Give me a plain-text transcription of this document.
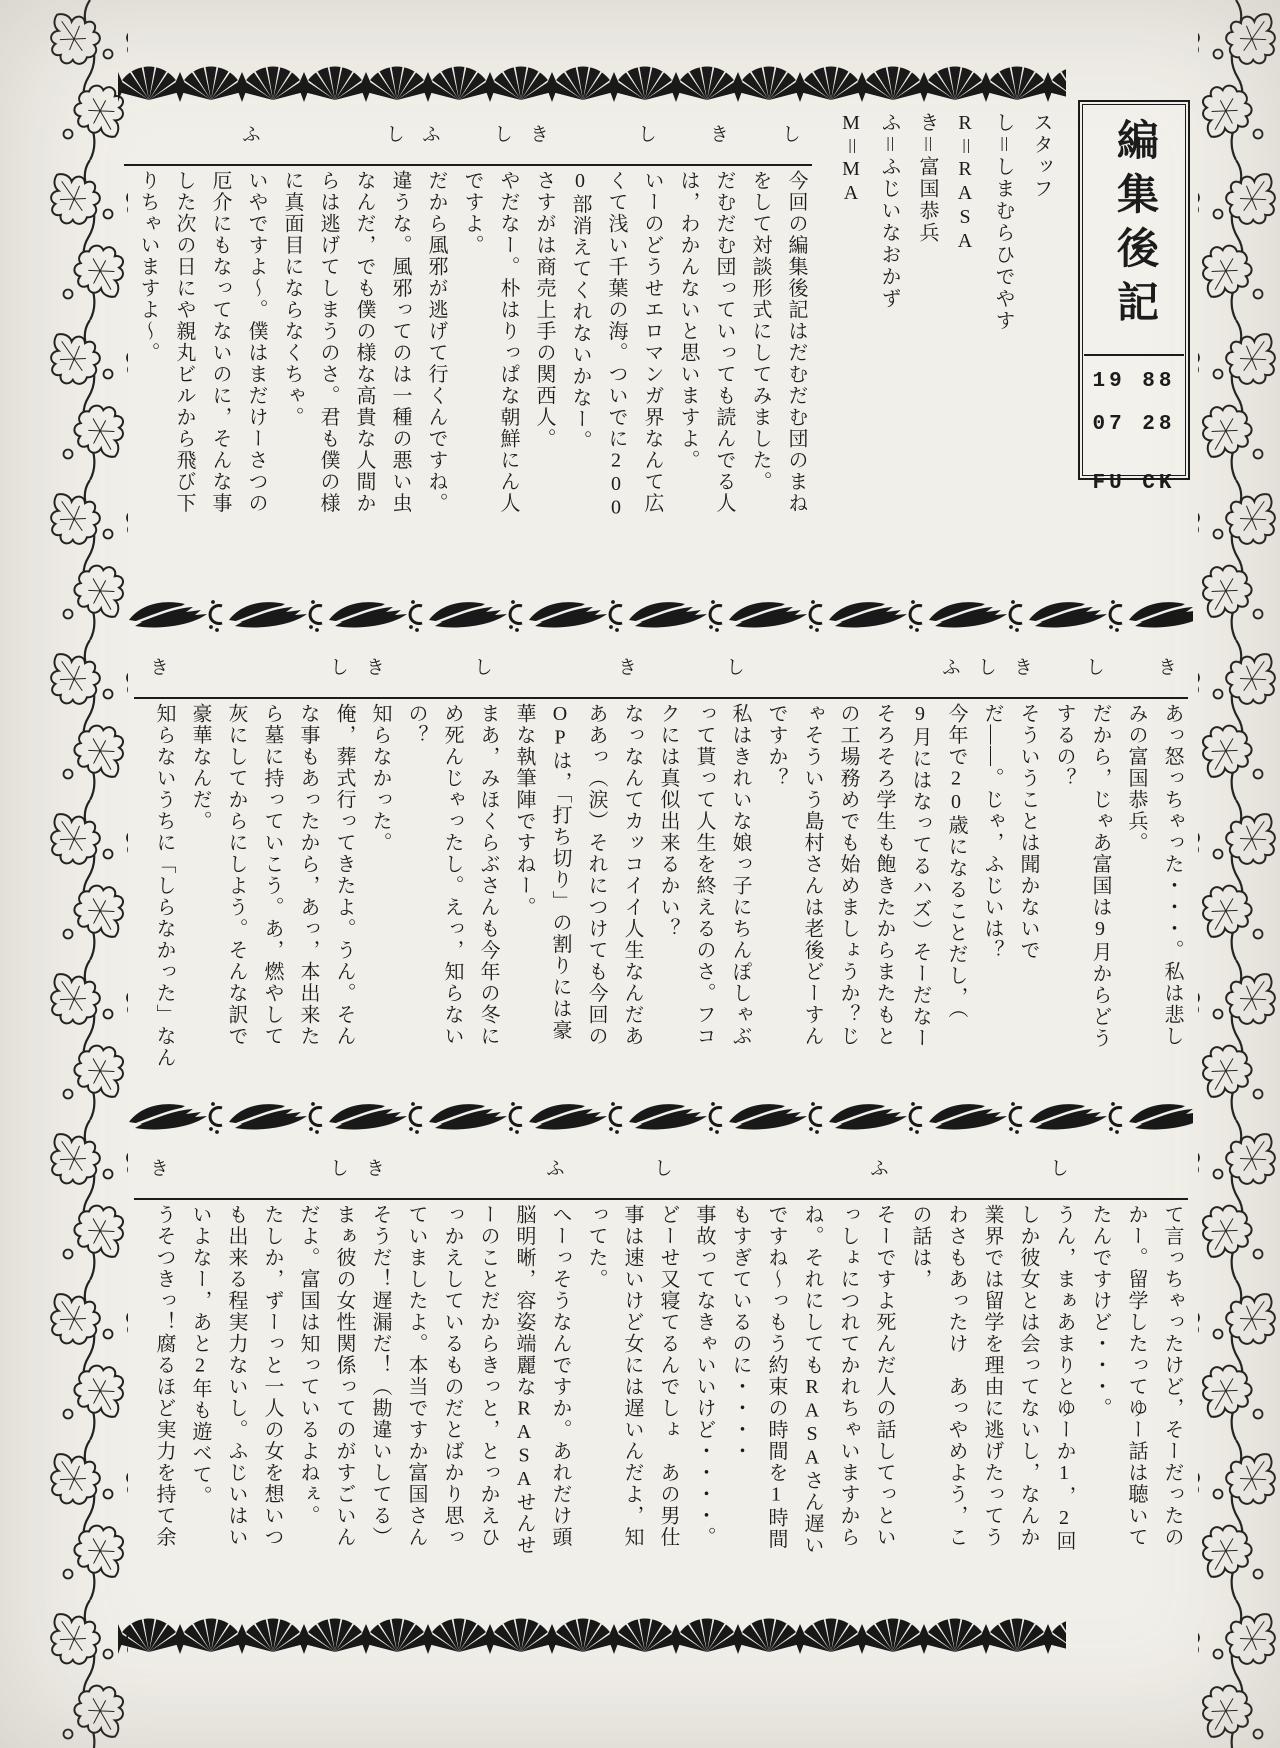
編集後記
19 88
07 28
FU CK
スタッフ
し＝しまむらひでやす
R＝RASA
き＝富国恭兵
ふ＝ふじいなおかず
M＝MA
し
今回の編集後記はだむだむ団のまね
をして対談形式にしてみました。
き
だむだむ団っていっても読んでる人
は，わかんないと思いますよ。
し
いーのどうせエロマンガ界なんて広
くて浅い千葉の海。ついでに200
0部消えてくれないかなー。
き
さすがは商売上手の関西人。
し
やだなー。朴はりっぱな朝鮮にん人
ですよ。
ふ
だから風邪が逃げて行くんですね。
し
違うな。風邪ってのは一種の悪い虫
なんだ，でも僕の様な高貴な人間か
らは逃げてしまうのさ。君も僕の様
に真面目にならなくちゃ。
ふ
いやですよ～。僕はまだけーさつの
厄介にもなってないのに，そんな事
した次の日にや親丸ビルから飛び下
りちゃいますよ～。
き
あっ怒っちゃった・・・。私は悲し
みの富国恭兵。
し
だから，じゃあ富国は9月からどう
するの？
き
そういうことは聞かないで
し
だ――。じゃ，ふじいは？
ふ
今年で20歳になることだし，（
9月にはなってるハズ）そーだなー
そろそろ学生も飽きたからまたもと
の工場務めでも始めましょうか？じ
ゃそういう島村さんは老後どーすん
ですか？
し
私はきれいな娘っ子にちんぽしゃぶ
って貰って人生を終えるのさ。フコ
クには真似出来るかい？
き
なっなんてカッコイイ人生なんだあ
ああっ（涙）それにつけても今回の
OPは，「打ち切り」の割りには豪
華な執筆陣ですねー。
し
まあ，みほくらぶさんも今年の冬に
め死んじゃったし。えっ，知らない
の？
き
知らなかった。
し
俺，葬式行ってきたよ。うん。そん
な事もあったから，あっ，本出来た
ら墓に持っていこう。あ，燃やして
灰にしてからにしよう。そんな訳で
豪華なんだ。
き
知らないうちに「しらなかった」なん
て言っちゃったけど，そーだったの
かー。留学したってゆー話は聴いて
たんですけど・・・。
し
うん，まぁあまりとゆーか1，2回
しか彼女とは会ってないし，なんか
業界では留学を理由に逃げたってう
わさもあったけ　あっやめよう，こ
の話は，
ふ
そーですよ死んだ人の話してっとい
っしょにつれてかれちゃいますから
ね。それにしてもRASAさん遅い
ですね～っもう約束の時間を1時間
もすぎているのに・・・・
事故ってなきゃいいけど・・・・。
し
どーせ又寝てるんでしょ　あの男仕
事は速いけど女には遅いんだよ，知
ってた。
ふ
へーっそうなんですか。あれだけ頭
脳明晰，容姿端麗なRASAせんせ
ーのことだからきっと，とっかえひ
っかえしているものだとばかり思っ
ていましたよ。本当ですか富国さん
き
そうだ！遅漏だ！（勘違いしてる）
し
まぁ彼の女性関係ってのがすごいん
だよ。富国は知っているよねぇ。
たしか，ずーっと一人の女を想いつ
も出来る程実力ないし。ふじいはい
いよなー，あと2年も遊べて。
き
うそつきっ！腐るほど実力を持て余
